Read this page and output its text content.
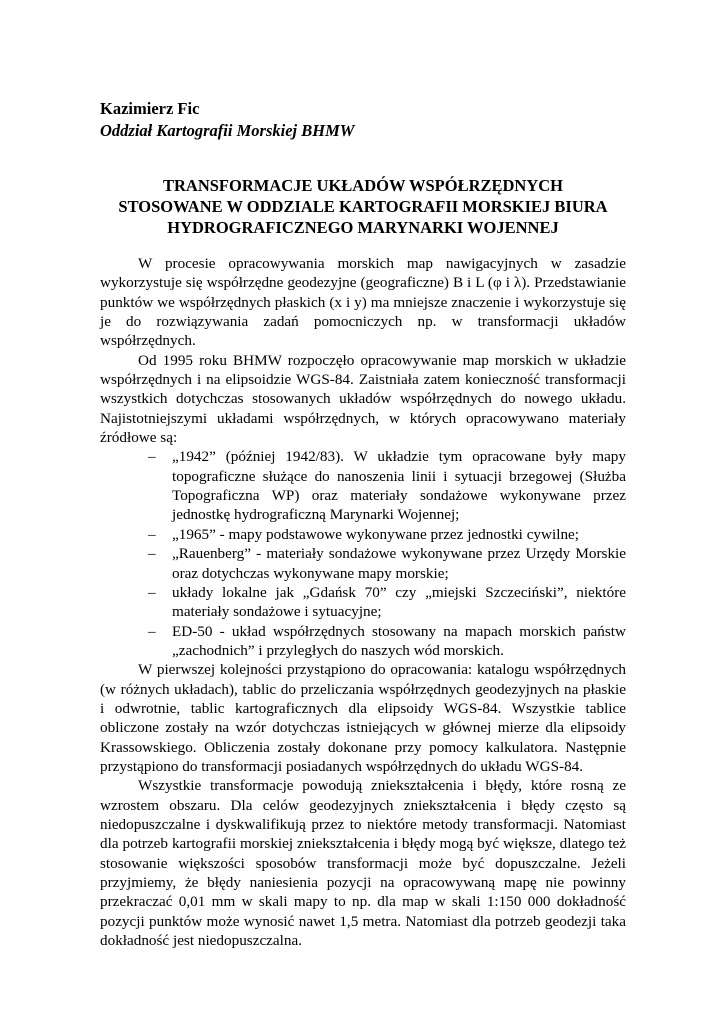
Kazimierz Fic
Oddział Kartografii Morskiej BHMW
TRANSFORMACJE UKŁADÓW WSPÓŁRZĘDNYCH
STOSOWANE W ODDZIALE KARTOGRAFII MORSKIEJ BIURA
HYDROGRAFICZNEGO MARYNARKI WOJENNEJ

W procesie opracowywania morskich map nawigacyjnych w zasadzie wykorzystuje się współrzędne geodezyjne (geograficzne) B i L (φ i λ). Przedstawianie punktów we współrzędnych płaskich (x i y) ma mniejsze znaczenie i wykorzystuje się je do rozwiązywania zadań pomocniczych np. w transformacji układów współrzędnych.

Od 1995 roku BHMW rozpoczęło opracowywanie map morskich w układzie współrzędnych i na elipsoidzie WGS-84. Zaistniała zatem konieczność transformacji wszystkich dotychczas stosowanych układów współrzędnych do nowego układu. Najistotniejszymi układami współrzędnych, w których opracowywano materiały źródłowe są:

– „1942” (później 1942/83). W układzie tym opracowane były mapy topograficzne służące do nanoszenia linii i sytuacji brzegowej (Służba Topograficzna WP) oraz materiały sondażowe wykonywane przez jednostkę hydrograficzną Marynarki Wojennej;
– „1965” - mapy podstawowe wykonywane przez jednostki cywilne;
– „Rauenberg” - materiały sondażowe wykonywane przez Urzędy Morskie oraz dotychczas wykonywane mapy morskie;
– układy lokalne jak „Gdańsk 70” czy „miejski Szczeciński”, niektóre materiały sondażowe i sytuacyjne;
– ED-50 - układ współrzędnych stosowany na mapach morskich państw „zachodnich” i przyległych do naszych wód morskich.

W pierwszej kolejności przystąpiono do opracowania: katalogu współrzędnych (w różnych układach), tablic do przeliczania współrzędnych geodezyjnych na płaskie i odwrotnie, tablic kartograficznych dla elipsoidy WGS-84. Wszystkie tablice obliczone zostały na wzór dotychczas istniejących w głównej mierze dla elipsoidy Krassowskiego. Obliczenia zostały dokonane przy pomocy kalkulatora. Następnie przystąpiono do transformacji posiadanych współrzędnych do układu WGS-84.

Wszystkie transformacje powodują zniekształcenia i błędy, które rosną ze wzrostem obszaru. Dla celów geodezyjnych zniekształcenia i błędy często są niedopuszczalne i dyskwalifikują przez to niektóre metody transformacji. Natomiast dla potrzeb kartografii morskiej zniekształcenia i błędy mogą być większe, dlatego też stosowanie większości sposobów transformacji może być dopuszczalne. Jeżeli przyjmiemy, że błędy naniesienia pozycji na opracowywaną mapę nie powinny przekraczać 0,01 mm w skali mapy to np. dla map w skali 1:150 000 dokładność pozycji punktów może wynosić nawet 1,5 metra. Natomiast dla potrzeb geodezji taka dokładność jest niedopuszczalna.
